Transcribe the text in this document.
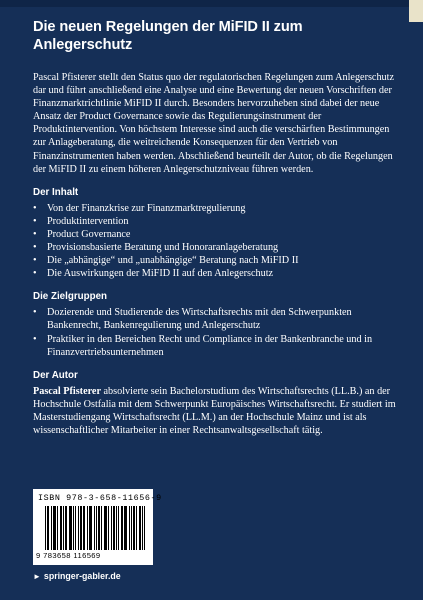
Die neuen Regelungen der MiFID II zum Anlegerschutz

Pascal Pfisterer stellt den Status quo der regulatorischen Regelungen zum Anlegerschutz dar und führt anschließend eine Analyse und eine Bewertung der neuen Vorschriften der Finanzmarktrichtlinie MiFID II durch. Besonders hervorzuheben sind dabei der neue Ansatz der Product Governance sowie das Regulierungsinstrument der Produktintervention. Von höchstem Interesse sind auch die verschärften Bestimmungen zur Anlageberatung, die weitreichende Konsequenzen für den Vertrieb von Finanzinstrumenten haben werden. Abschließend beurteilt der Autor, ob die Regelungen der MiFID II zu einem höheren Anlegerschutzniveau führen werden.

Der Inhalt
• Von der Finanzkrise zur Finanzmarktregulierung
• Produktintervention
• Product Governance
• Provisionsbasierte Beratung und Honoraranlageberatung
• Die „abhängige“ und „unabhängige“ Beratung nach MiFID II
• Die Auswirkungen der MiFID II auf den Anlegerschutz
Die Zielgruppen
• Dozierende und Studierende des Wirtschaftsrechts mit den Schwerpunkten Bankenrecht, Bankenregulierung und Anlegerschutz
• Praktiker in den Bereichen Recht und Compliance in der Bankenbranche und in Finanzvertriebsunternehmen
Der Autor

Pascal Pfisterer absolvierte sein Bachelorstudium des Wirtschaftsrechts (LL.B.) an der Hochschule Ostfalia mit dem Schwerpunkt Europäisches Wirtschaftsrecht. Er studiert im Masterstudiengang Wirtschaftsrecht (LL.M.) an der Hochschule Mainz und ist als wissenschaftlicher Mitarbeiter in einer Rechtsanwaltsgesellschaft tätig.

ISBN 978-3-658-11656-9
9 783658 116569
► springer-gabler.de
